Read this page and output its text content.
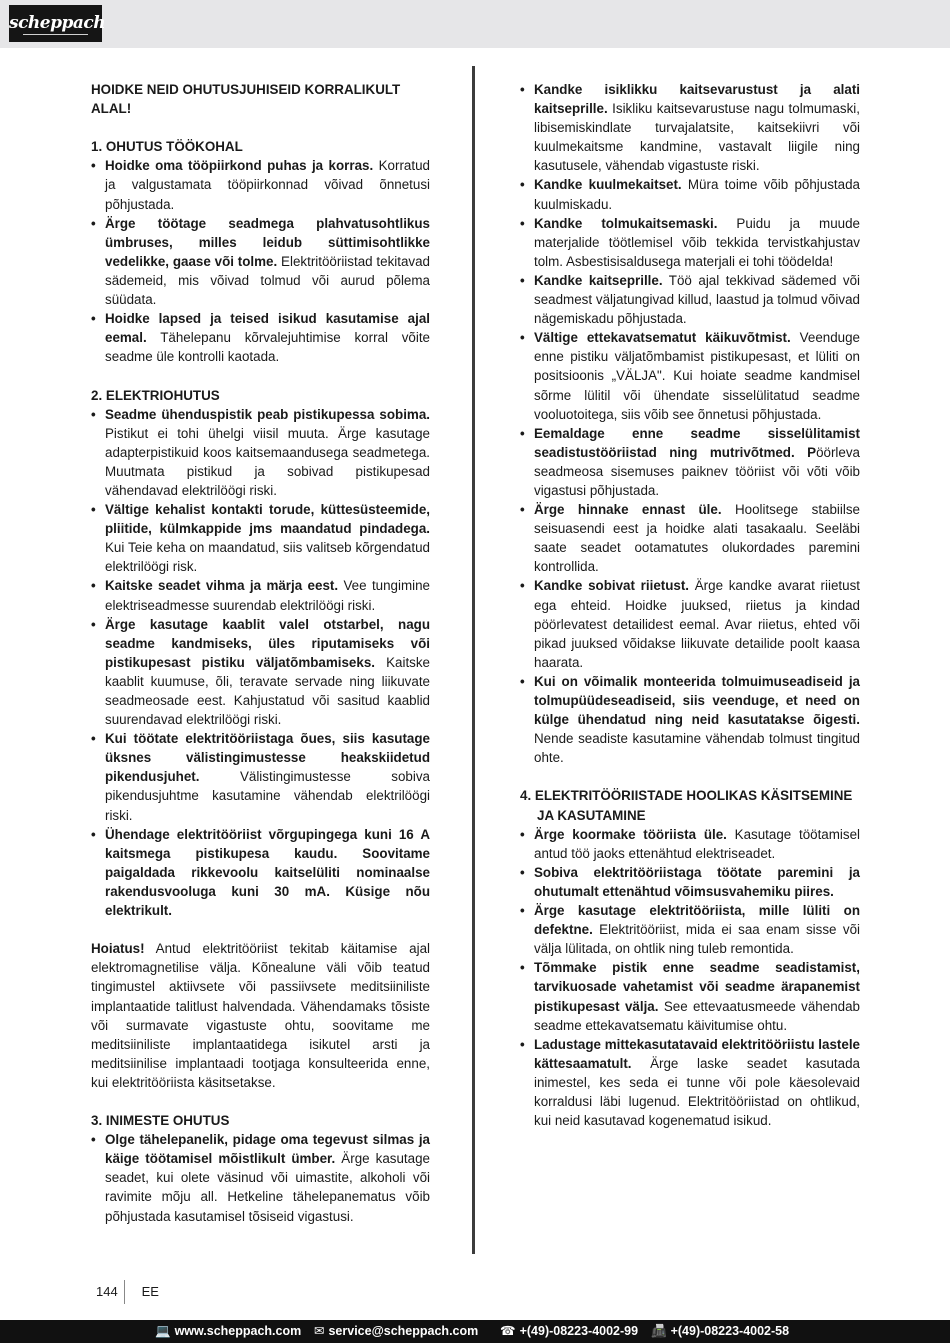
scheppach
HOIDKE NEID OHUTUSJUHISEID KORRALIKULT ALAL!
1. OHUTUS TÖÖKOHAL
• Hoidke oma tööpiirkond puhas ja korras. Korratud ja valgustamata tööpiirkonnad võivad õnnetusi põhjustada.
• Ärge töötage seadmega plahvatusohtlikus ümbruses, milles leidub süttimisohtlikke vedelikke, gaase või tolme. Elektritööriistad tekitavad sädemeid, mis võivad tolmud või aurud põlema süüdata.
• Hoidke lapsed ja teised isikud kasutamise ajal eemal. Tähelepanu kõrvalejuhtimise korral võite seadme üle kontrolli kaotada.
2. ELEKTRIOHUTUS
• Seadme ühenduspistik peab pistikupessa sobima. Pistikut ei tohi ühelgi viisil muuta. Ärge kasutage adapterpistikuid koos kaitsemaandusega seadmetega. Muutmata pistikud ja sobivad pistikupesad vähendavad elektrilöögi riski.
• Vältige kehalist kontakti torude, küttesüsteemide, pliitide, külmkappide jms maandatud pindadega. Kui Teie keha on maandatud, siis valitseb kõrgendatud elektrilöögi risk.
• Kaitske seadet vihma ja märja eest. Vee tungimine elektriseadmesse suurendab elektrilöögi riski.
• Ärge kasutage kaablit valel otstarbel, nagu seadme kandmiseks, üles riputamiseks või pistikupesast pistiku väljatõmbamiseks. Kaitske kaablit kuumuse, õli, teravate servade ning liikuvate seadmeosade eest. Kahjustatud või sasitud kaablid suurendavad elektrilöögi riski.
• Kui töötate elektritööriistaga õues, siis kasutage üksnes välistingimustesse heakskiidetud pikendusjuhet. Välistingimustesse sobiva pikendusjuhtme kasutamine vähendab elektrilöögi riski.
• Ühendage elektritööriist võrgupingega kuni 16 A kaitsmega pistikupesa kaudu. Soovitame paigaldada rikkevoolu kaitselüliti nominaalse rakendusvooluga kuni 30 mA. Küsige nõu elektrikult.
Hoiatus! Antud elektritööriist tekitab käitamise ajal elektromagnetilise välja. Kõnealune väli võib teatud tingimustel aktiivsete või passiivsete meditsiiniliste implantaatide talitlust halvendada. Vähendamaks tõsiste või surmavate vigastuste ohtu, soovitame me meditsiiniliste implantaatidega isikutel arsti ja meditsiinilise implantaadi tootjaga konsulteerida enne, kui elektritööriista käsitsetakse.
3. INIMESTE OHUTUS
• Olge tähelepanelik, pidage oma tegevust silmas ja käige töötamisel mõistlikult ümber. Ärge kasutage seadet, kui olete väsinud või uimastite, alkoholi või ravimite mõju all. Hetkeline tähelepanematus võib põhjustada kasutamisel tõsiseid vigastusi.
• Kandke isiklikku kaitsevarustust ja alati kaitseprille. Isikliku kaitsevarustuse nagu tolmumaski, libisemiskindlate turvajalatsite, kaitsekiivri või kuulmekaitsme kandmine, vastavalt liigile ning kasutusele, vähendab vigastuste riski.
• Kandke kuulmekaitset. Müra toime võib põhjustada kuulmiskadu.
• Kandke tolmukaitsemaski. Puidu ja muude materjalide töötlemisel võib tekkida tervistkahjustav tolm. Asbestisisaldusega materjali ei tohi töödelda!
• Kandke kaitseprille. Töö ajal tekkivad sädemed või seadmest väljatungivad killud, laastud ja tolmud võivad nägemiskadu põhjustada.
• Vältige ettekavatsematut käikuvõtmist. Veenduge enne pistiku väljatõmbamist pistikupesast, et lüliti on positsioonis „VÄLJA". Kui hoiate seadme kandmisel sõrme lülitil või ühendate sisselülitatud seadme vooluotoitega, siis võib see õnnetusi põhjustada.
• Eemaldage enne seadme sisselülitamist seadistustööriistad ning mutrivõtmed. Pöörleva seadmeosa sisemuses paiknev tööriist või võti võib vigastusi põhjustada.
• Ärge hinnake ennast üle. Hoolitsege stabiilse seisuasendi eest ja hoidke alati tasakaalu. Seeläbi saate seadet ootamatutes olukordades paremini kontrollida.
• Kandke sobivat riietust. Ärge kandke avarat riietust ega ehteid. Hoidke juuksed, riietus ja kindad pöörlevatest detailidest eemal. Avar riietus, ehted või pikad juuksed võidakse liikuvate detailide poolt kaasa haarata.
• Kui on võimalik monteerida tolmuimuseadiseid ja tolmupüüdeseadiseid, siis veenduge, et need on külge ühendatud ning neid kasutatakse õigesti. Nende seadiste kasutamine vähendab tolmust tingitud ohte.
4. ELEKTRITÖÖRIISTADE HOOLIKAS KÄSITSEMINE JA KASUTAMINE
• Ärge koormake tööriista üle. Kasutage töötamisel antud töö jaoks ettenähtud elektriseadet.
• Sobiva elektritööriistaga töötate paremini ja ohutumalt ettenähtud võimsusvahemiku piires.
• Ärge kasutage elektritööriista, mille lüliti on defektne. Elektritööriist, mida ei saa enam sisse või välja lülitada, on ohtlik ning tuleb remontida.
• Tõmmake pistik enne seadme seadistamist, tarvikuosade vahetamist või seadme ärapanemist pistikupesast välja. See ettevaatusmeede vähendab seadme ettekavatsematu käivitumise ohtu.
• Ladustage mittekasutatavaid elektritööriistu lastele kättesaamatult. Ärge laske seadet kasutada inimestel, kes seda ei tunne või pole käesolevaid korraldusi läbi lugenud. Elektritööriistad on ohtlikud, kui neid kasutavad kogenematud isikud.
144 EE
💻 www.scheppach.com ✉ service@scheppach.com ☎ +(49)-08223-4002-99 📠 +(49)-08223-4002-58
